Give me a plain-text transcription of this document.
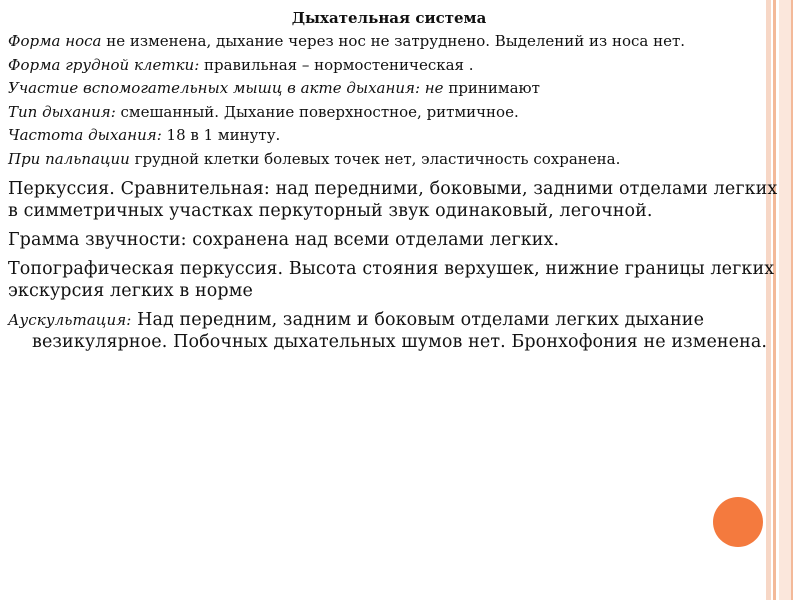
Дыхательная система
Форма носа не изменена, дыхание через нос не затруднено. Выделений из носа нет.
Форма грудной клетки: правильная – нормостеническая .
Участие вспомогательных мышц в акте дыхания: не принимают
Тип дыхания: смешанный. Дыхание поверхностное, ритмичное.
Частота дыхания: 18 в 1 минуту.
При пальпации грудной клетки болевых точек нет, эластичность сохранена.
Перкуссия. Сравнительная: над передними, боковыми, задними отделами легких в симметричных участках перкуторный звук одинаковый, легочной.
Грамма звучности: сохранена над всеми отделами легких.
Топографическая перкуссия. Высота стояния верхушек, нижние границы легких экскурсия легких в норме
Аускультация: Над передним, задним и боковым отделами легких дыхание везикулярное. Побочных дыхательных шумов нет. Бронхофония не изменена.
